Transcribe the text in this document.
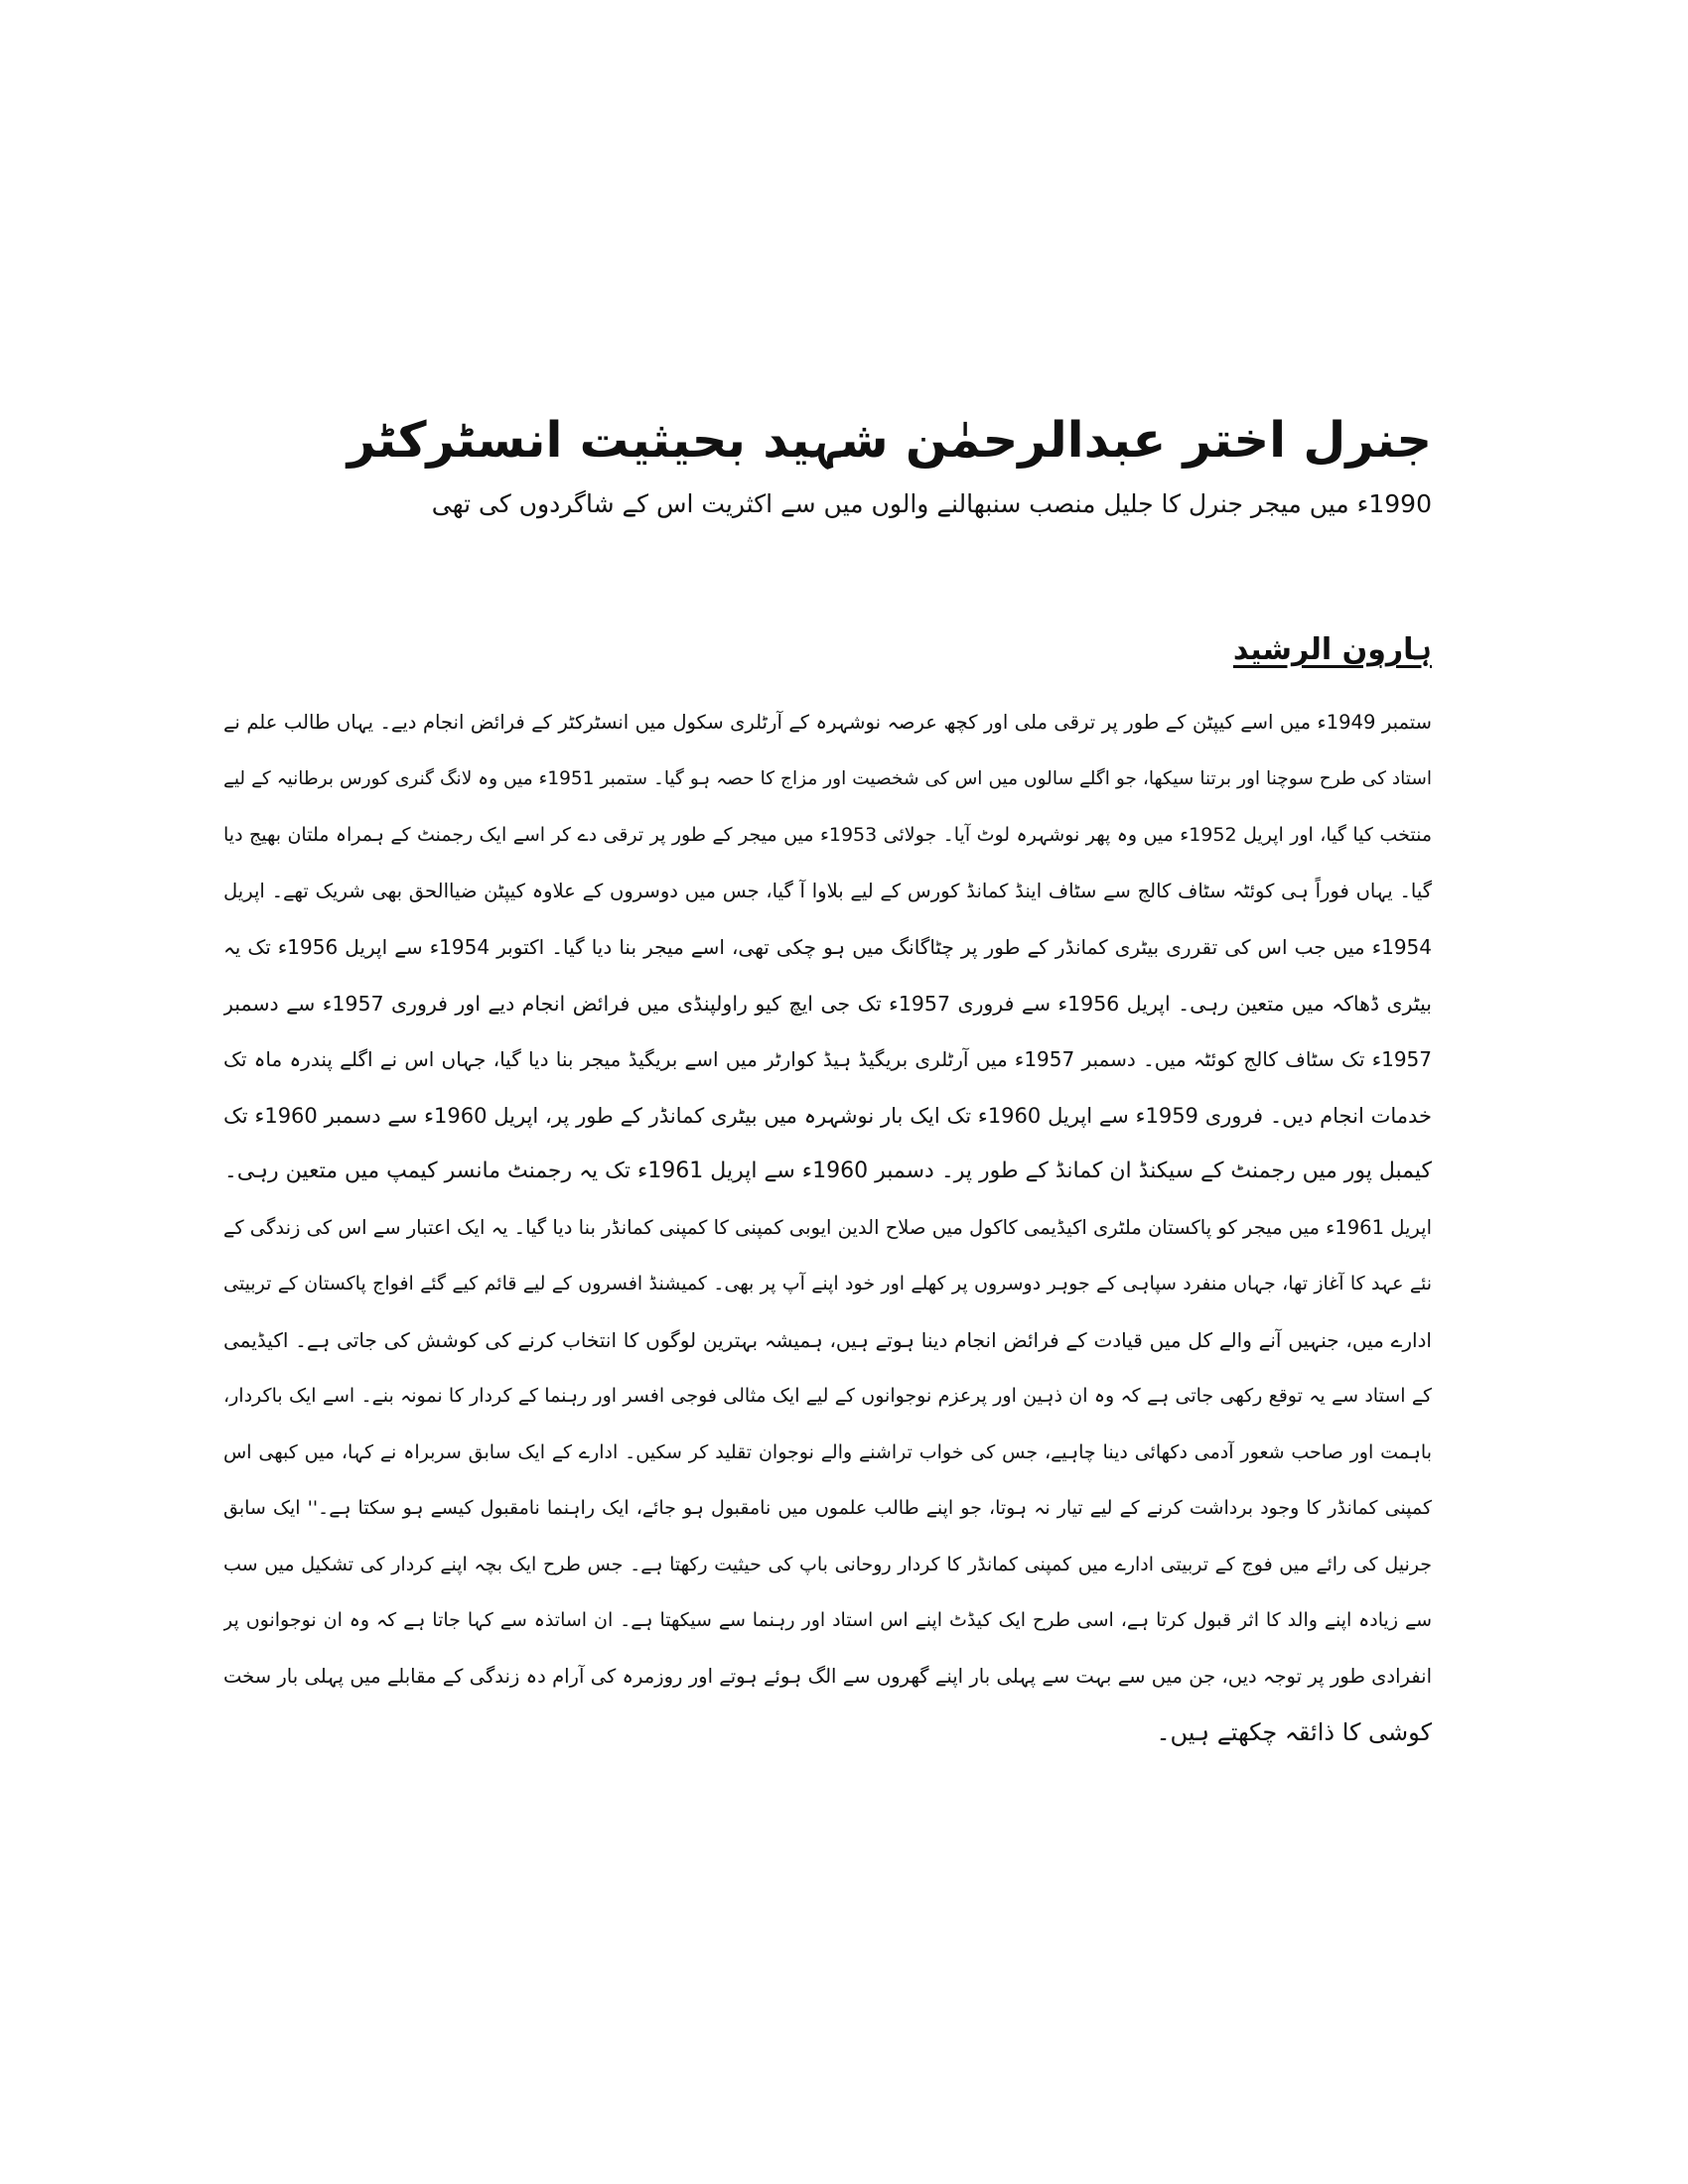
جنرل اختر عبدالرحمٰن شہید بحیثیت انسٹرکٹر
1990ء میں میجر جنرل کا جلیل منصب سنبھالنے والوں میں سے اکثریت اس کے شاگردوں کی تھی
ہارون الرشید
ستمبر 1949ء میں اسے کیپٹن کے طور پر ترقی ملی اور کچھ عرصہ نوشہرہ کے آرٹلری سکول میں انسٹرکٹر کے فرائض انجام دیے۔ یہاں طالب علم نے
استاد کی طرح سوچنا اور برتنا سیکھا، جو اگلے سالوں میں اس کی شخصیت اور مزاج کا حصہ ہو گیا۔ ستمبر 1951ء میں وہ لانگ گنری کورس برطانیہ کے لیے
منتخب کیا گیا، اور اپریل 1952ء میں وہ پھر نوشہرہ لوٹ آیا۔ جولائی 1953ء میں میجر کے طور پر ترقی دے کر اسے ایک رجمنٹ کے ہمراہ ملتان بھیج دیا
گیا۔ یہاں فوراً ہی کوئٹہ سٹاف کالج سے سٹاف اینڈ کمانڈ کورس کے لیے بلاوا آ گیا، جس میں دوسروں کے علاوہ کیپٹن ضیاالحق بھی شریک تھے۔ اپریل
1954ء میں جب اس کی تقرری بیٹری کمانڈر کے طور پر چٹاگانگ میں ہو چکی تھی، اسے میجر بنا دیا گیا۔ اکتوبر 1954ء سے اپریل 1956ء تک یہ
بیٹری ڈھاکہ میں متعین رہی۔ اپریل 1956ء سے فروری 1957ء تک جی ایچ کیو راولپنڈی میں فرائض انجام دیے اور فروری 1957ء سے دسمبر
1957ء تک سٹاف کالج کوئٹہ میں۔ دسمبر 1957ء میں آرٹلری بریگیڈ ہیڈ کوارٹر میں اسے بریگیڈ میجر بنا دیا گیا، جہاں اس نے اگلے پندرہ ماہ تک
خدمات انجام دیں۔ فروری 1959ء سے اپریل 1960ء تک ایک بار نوشہرہ میں بیٹری کمانڈر کے طور پر، اپریل 1960ء سے دسمبر 1960ء تک
کیمبل پور میں رجمنٹ کے سیکنڈ ان کمانڈ کے طور پر۔ دسمبر 1960ء سے اپریل 1961ء تک یہ رجمنٹ مانسر کیمپ میں متعین رہی۔
اپریل 1961ء میں میجر کو پاکستان ملٹری اکیڈیمی کاکول میں صلاح الدین ایوبی کمپنی کا کمپنی کمانڈر بنا دیا گیا۔ یہ ایک اعتبار سے اس کی زندگی کے
نئے عہد کا آغاز تھا، جہاں منفرد سپاہی کے جوہر دوسروں پر کھلے اور خود اپنے آپ پر بھی۔ کمیشنڈ افسروں کے لیے قائم کیے گئے افواج پاکستان کے تربیتی
ادارے میں، جنہیں آنے والے کل میں قیادت کے فرائض انجام دینا ہوتے ہیں، ہمیشہ بہترین لوگوں کا انتخاب کرنے کی کوشش کی جاتی ہے۔ اکیڈیمی
کے استاد سے یہ توقع رکھی جاتی ہے کہ وہ ان ذہین اور پرعزم نوجوانوں کے لیے ایک مثالی فوجی افسر اور رہنما کے کردار کا نمونہ بنے۔ اسے ایک باکردار،
باہمت اور صاحب شعور آدمی دکھائی دینا چاہیے، جس کی خواب تراشنے والے نوجوان تقلید کر سکیں۔ ادارے کے ایک سابق سربراہ نے کہا، میں کبھی اس
کمپنی کمانڈر کا وجود برداشت کرنے کے لیے تیار نہ ہوتا، جو اپنے طالب علموں میں نامقبول ہو جائے، ایک راہنما نامقبول کیسے ہو سکتا ہے۔'' ایک سابق
جرنیل کی رائے میں فوج کے تربیتی ادارے میں کمپنی کمانڈر کا کردار روحانی باپ کی حیثیت رکھتا ہے۔ جس طرح ایک بچہ اپنے کردار کی تشکیل میں سب
سے زیادہ اپنے والد کا اثر قبول کرتا ہے، اسی طرح ایک کیڈٹ اپنے اس استاد اور رہنما سے سیکھتا ہے۔ ان اساتذہ سے کہا جاتا ہے کہ وہ ان نوجوانوں پر
انفرادی طور پر توجہ دیں، جن میں سے بہت سے پہلی بار اپنے گھروں سے الگ ہوئے ہوتے اور روزمرہ کی آرام دہ زندگی کے مقابلے میں پہلی بار سخت
کوشی کا ذائقہ چکھتے ہیں۔
